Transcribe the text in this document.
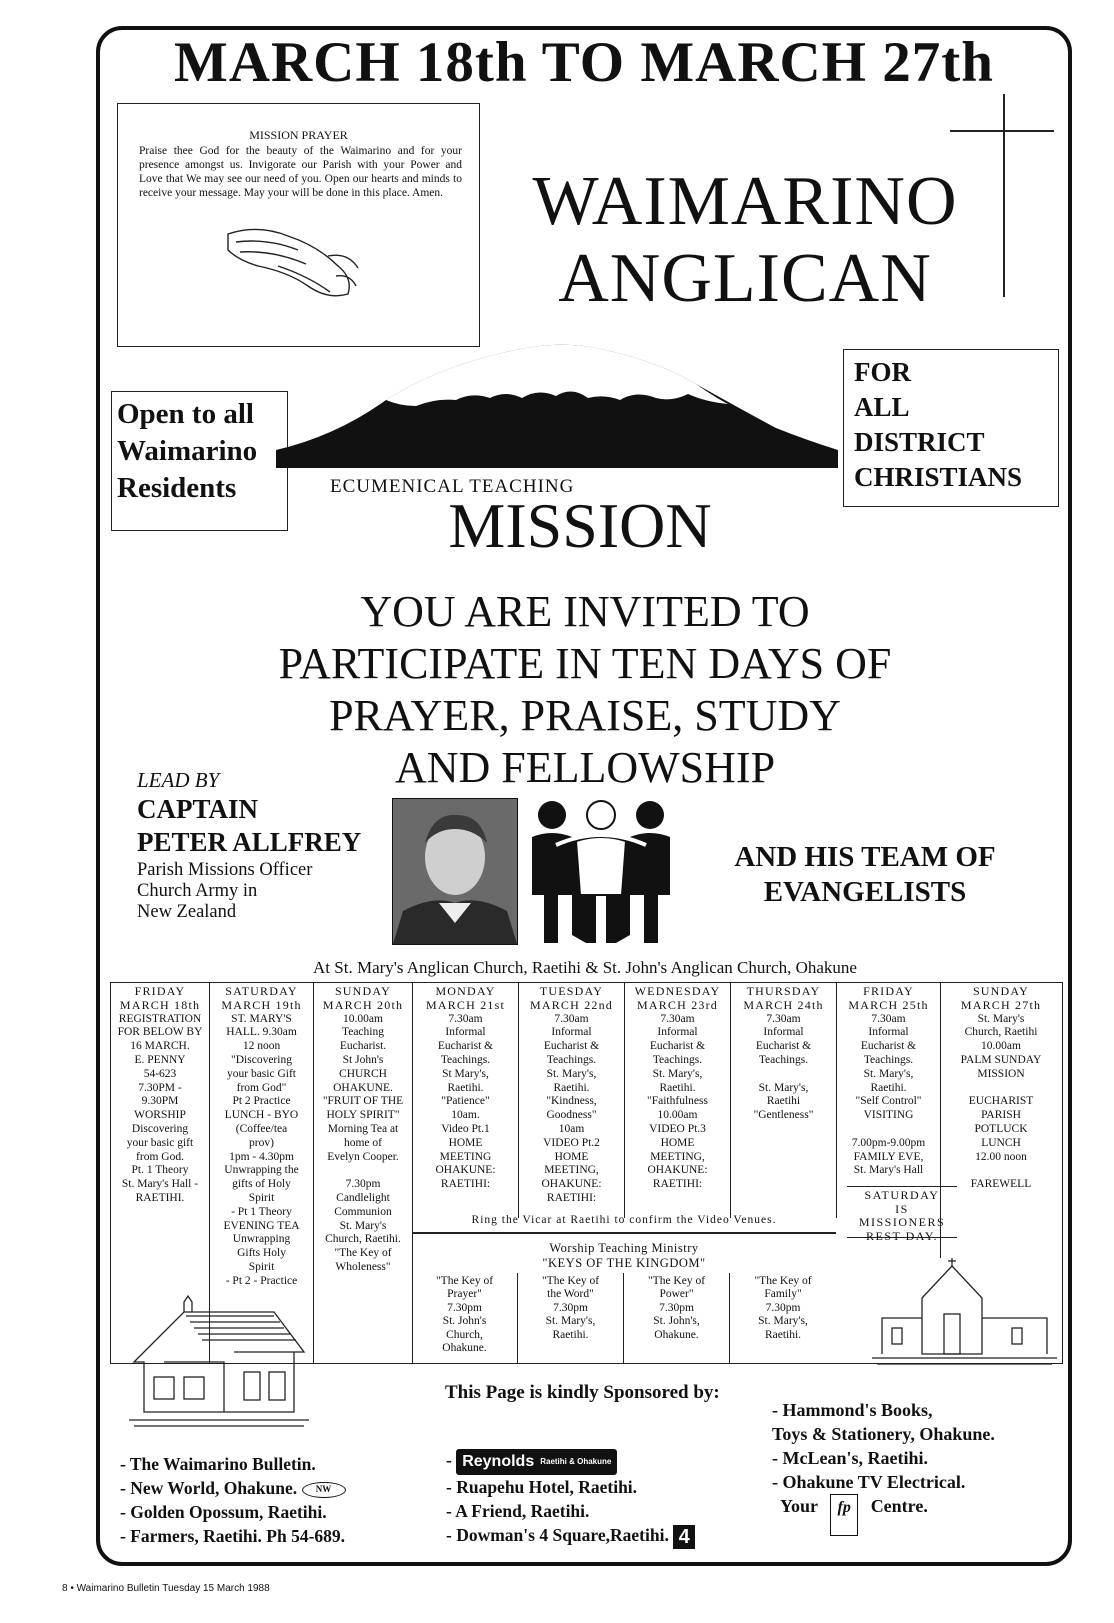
MARCH 18th TO MARCH 27th
MISSION PRAYER
Praise thee God for the beauty of the Waimarino and for your presence amongst us. Invigorate our Parish with your Power and Love that We may see our need of you. Open our hearts and minds to receive your message. May your will be done in this place. Amen.	WAIMARINO
ANGLICAN
Open to all
Waimarino
Residents
FOR
ALL
DISTRICT
CHRISTIANS
ECUMENICAL TEACHING
MISSION
YOU ARE INVITED TO
PARTICIPATE IN TEN DAYS OF
PRAYER, PRAISE, STUDY
AND FELLOWSHIP
LEAD BY
CAPTAIN
PETER ALLFREY
Parish Missions Officer
Church Army in
New Zealand
AND HIS TEAM OF
EVANGELISTS
At St. Mary's Anglican Church, Raetihi & St. John's Anglican Church, Ohakune
FRIDAY
MARCH 18th
REGISTRATION
FOR BELOW BY
16 MARCH.
E. PENNY
54-623
7.30PM -
9.30PM
WORSHIP
Discovering
your basic gift
from God.
Pt. 1 Theory
St. Mary's Hall -
RAETIHI.
SATURDAY
MARCH 19th
ST. MARY'S
HALL. 9.30am
12 noon
"Discovering
your basic Gift
from God"
Pt 2 Practice
LUNCH - BYO
(Coffee/tea
prov)
1pm - 4.30pm
Unwrapping the
gifts of Holy
Spirit
- Pt 1 Theory
EVENING TEA
Unwrapping
Gifts Holy
Spirit
- Pt 2 - Practice
SUNDAY
MARCH 20th
10.00am
Teaching
Eucharist.
St John's
CHURCH
OHAKUNE.
"FRUIT OF THE
HOLY SPIRIT"
Morning Tea at
home of
Evelyn Cooper.

7.30pm
Candlelight
Communion
St. Mary's
Church, Raetihi.
"The Key of
Wholeness"
MONDAY
MARCH 21st
7.30am
Informal
Eucharist &
Teachings.
St Mary's,
Raetihi.
"Patience"
10am.
Video Pt.1
HOME
MEETING
OHAKUNE:
RAETIHI:
TUESDAY
MARCH 22nd
7.30am
Informal
Eucharist &
Teachings.
St. Mary's,
Raetihi.
"Kindness,
Goodness"
10am
VIDEO Pt.2
HOME
MEETING,
OHAKUNE:
RAETIHI:
WEDNESDAY
MARCH 23rd
7.30am
Informal
Eucharist &
Teachings.
St. Mary's,
Raetihi.
"Faithfulness
10.00am
VIDEO Pt.3
HOME
MEETING,
OHAKUNE:
RAETIHI:
THURSDAY
MARCH 24th
7.30am
Informal
Eucharist &
Teachings.

St. Mary's,
Raetihi
"Gentleness"
FRIDAY
MARCH 25th
7.30am
Informal
Eucharist &
Teachings.
St. Mary's,
Raetihi.
"Self Control"
VISITING

7.00pm-9.00pm
FAMILY EVE,
St. Mary's Hall
SUNDAY
MARCH 27th
St. Mary's
Church, Raetihi
10.00am
PALM SUNDAY
MISSION

EUCHARIST
PARISH
POTLUCK
LUNCH
12.00 noon

FAREWELL
Ring the Vicar at Raetihi to confirm the Video Venues.
Worship Teaching Ministry
"KEYS OF THE KINGDOM"
"The Key of
Prayer"
7.30pm
St. John's
Church,
Ohakune.
"The Key of
the Word"
7.30pm
St. Mary's,
Raetihi.
"The Key of
Power"
7.30pm
St. John's,
Ohakune.
"The Key of
Family"
7.30pm
St. Mary's,
Raetihi.
SATURDAY
IS
MISSIONERS
REST DAY.
This Page is kindly Sponsored by:
- The Waimarino Bulletin.
- New World, Ohakune. NW
- Golden Opossum, Raetihi.
- Farmers, Raetihi. Ph 54-689.
- Reynolds Raetihi & Ohakune
- Ruapehu Hotel, Raetihi.
- A Friend, Raetihi.
- Dowman's 4 Square,Raetihi. 4
- Hammond's Books,
Toys & Stationery, Ohakune.
- McLean's, Raetihi.
- Ohakune TV Electrical.
Your fp Centre.
8 • Waimarino Bulletin Tuesday 15 March 1988
